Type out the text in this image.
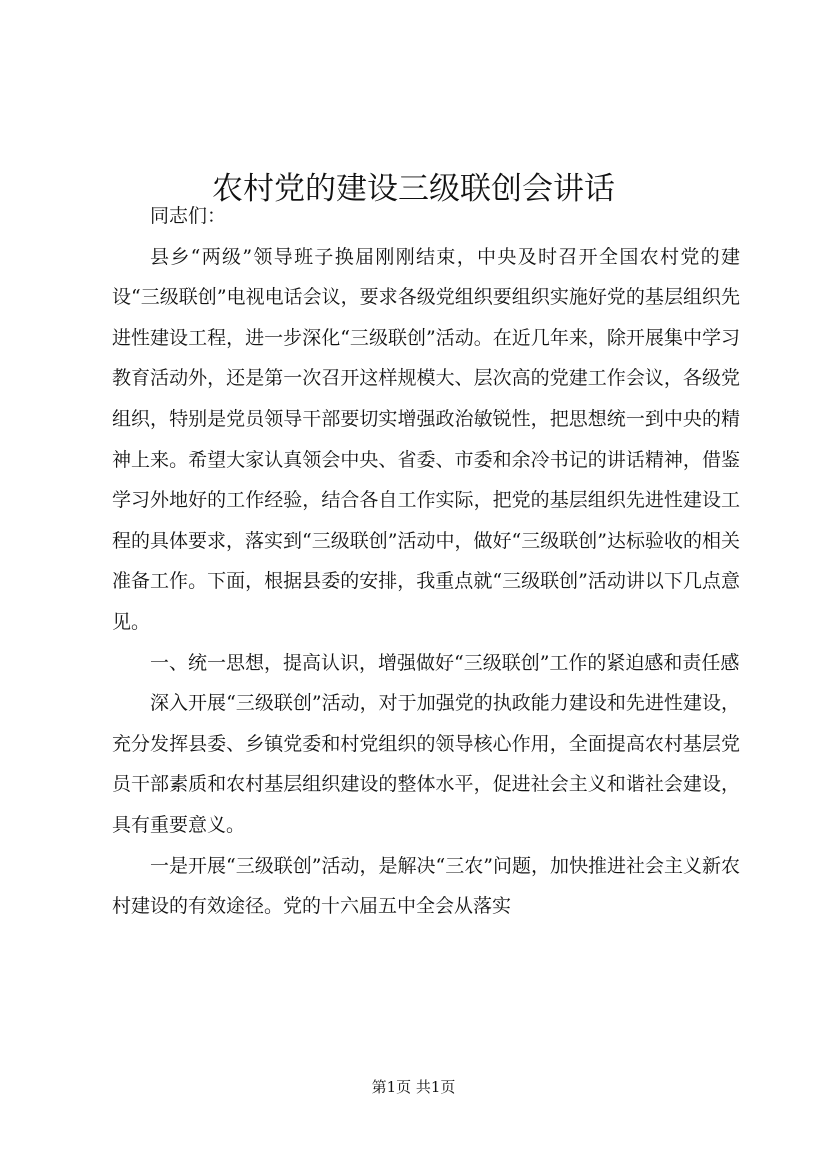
农村党的建设三级联创会讲话

同志们：

县乡“两级”领导班子换届刚刚结束，中央及时召开全国农村党的建设“三级联创”电视电话会议，要求各级党组织要组织实施好党的基层组织先进性建设工程，进一步深化“三级联创”活动。在近几年来，除开展集中学习教育活动外，还是第一次召开这样规模大、层次高的党建工作会议，各级党组织，特别是党员领导干部要切实增强政治敏锐性，把思想统一到中央的精神上来。希望大家认真领会中央、省委、市委和余冷书记的讲话精神，借鉴学习外地好的工作经验，结合各自工作实际，把党的基层组织先进性建设工程的具体要求，落实到“三级联创”活动中，做好“三级联创”达标验收的相关准备工作。下面，根据县委的安排，我重点就“三级联创”活动讲以下几点意见。

一、统一思想，提高认识，增强做好“三级联创”工作的紧迫感和责任感

深入开展“三级联创”活动，对于加强党的执政能力建设和先进性建设，充分发挥县委、乡镇党委和村党组织的领导核心作用，全面提高农村基层党员干部素质和农村基层组织建设的整体水平，促进社会主义和谐社会建设，具有重要意义。

一是开展“三级联创”活动，是解决“三农”问题，加快推进社会主义新农村建设的有效途径。党的十六届五中全会从落实

第1页 共1页
